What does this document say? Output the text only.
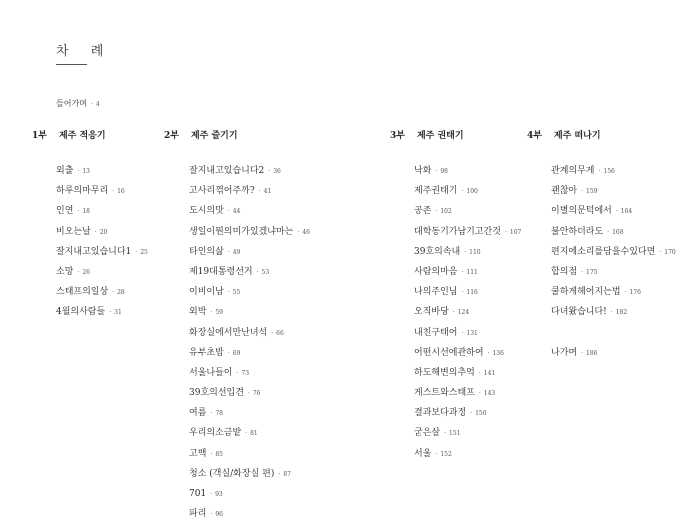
차 례
들어가며 · 4
1부 제주 적응기	2부 제주 즐기기	3부 제주 권태기	4부 제주 떠나기
외출 · 13
하루의마무리 · 16
인연 · 18
비오는날 · 20
잘지내고있습니다1 · 25
소망 · 26
스태프의일상 · 28
4월의사람들 · 31
잘지내고있습니다2 · 36
고사리꺾어주까? · 41
도시의맛 · 44
생일이뭔의미가있겠냐마는 · 46
타인의삶 · 49
제19대통령선거 · 53
이비이남 · 55
외박 · 59
화장실에서만난녀석 · 66
유부초밥 · 69
서울나들이 · 73
39호의선입견 · 76
여름 · 78
우리의소금밭 · 81
고백 · 85
청소 (객실/화장실 편) · 87
701 · 93
파리 · 96
낙화 · 98
제주권태기 · 100
공존 · 102
대학동기가남기고간것 · 107
39호의속내 · 110
사람의마음 · 111
나의주인님 · 116
오직바당 · 124
내친구태어 · 131
어떤시선에관하여 · 136
하도해변의추억 · 141
게스트와스태프 · 143
결과보다과정 · 150
굳은살 · 151
서울 · 152
관계의무게 · 156
괜찮아 · 159
이별의문턱에서 · 164
불안하더라도 · 168
편지에소리를담을수있다면 · 170
합의점 · 175
쿨하게헤어지는법 · 176
다녀왔습니다! · 182
나가며 · 186
